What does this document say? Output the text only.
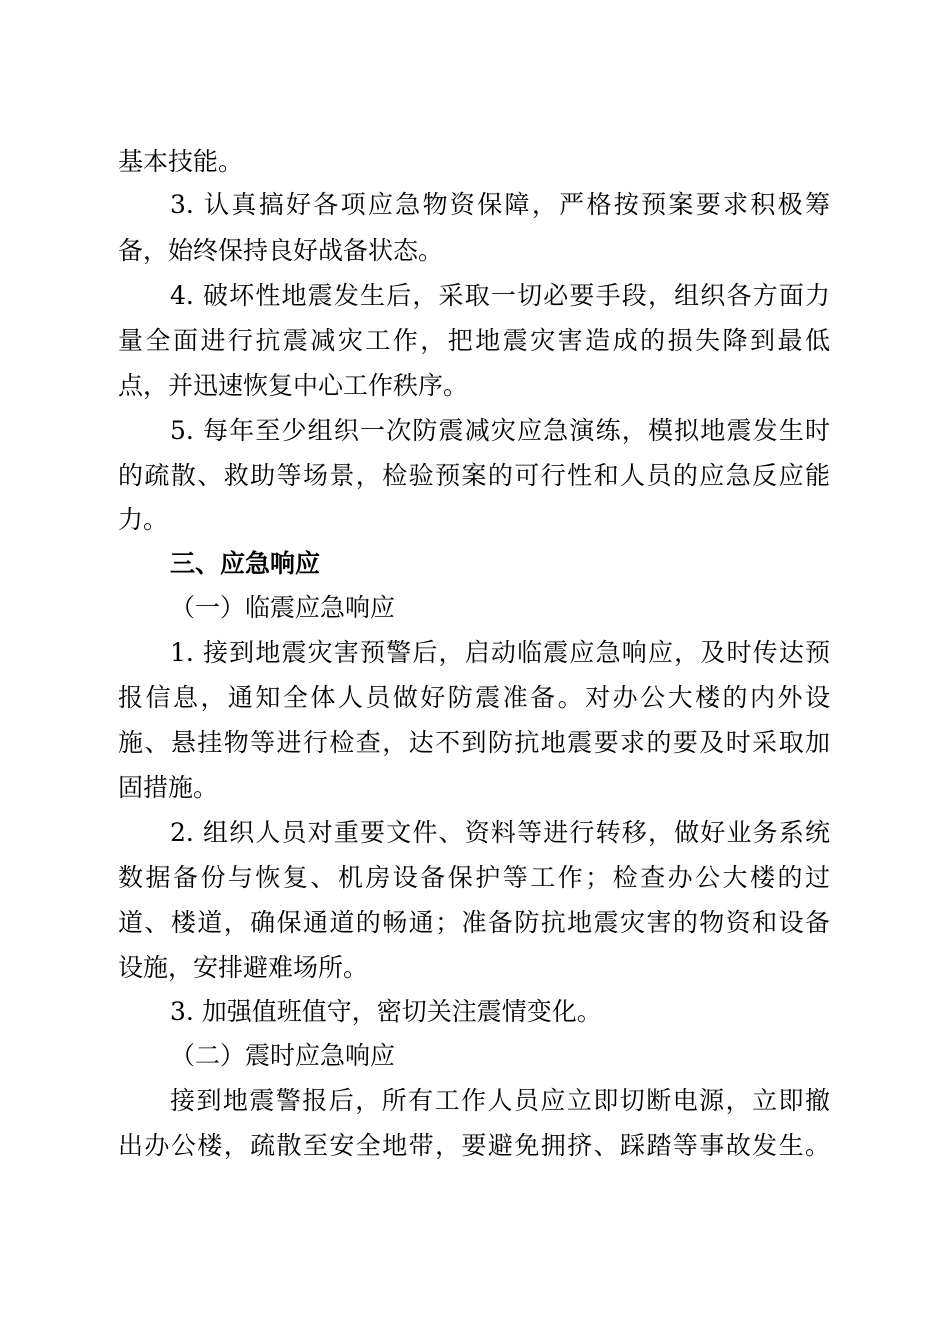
基本技能。

3. 认真搞好各项应急物资保障，严格按预案要求积极筹

备，始终保持良好战备状态。

4. 破坏性地震发生后，采取一切必要手段，组织各方面力

量全面进行抗震减灾工作，把地震灾害造成的损失降到最低

点，并迅速恢复中心工作秩序。

5. 每年至少组织一次防震减灾应急演练，模拟地震发生时

的疏散、救助等场景，检验预案的可行性和人员的应急反应能

力。

三、应急响应

（一）临震应急响应

1. 接到地震灾害预警后，启动临震应急响应，及时传达预

报信息，通知全体人员做好防震准备。对办公大楼的内外设

施、悬挂物等进行检查，达不到防抗地震要求的要及时采取加

固措施。

2. 组织人员对重要文件、资料等进行转移，做好业务系统

数据备份与恢复、机房设备保护等工作；检查办公大楼的过

道、楼道，确保通道的畅通；准备防抗地震灾害的物资和设备

设施，安排避难场所。

3. 加强值班值守，密切关注震情变化。

（二）震时应急响应

接到地震警报后，所有工作人员应立即切断电源，立即撤

出办公楼，疏散至安全地带，要避免拥挤、踩踏等事故发生。
